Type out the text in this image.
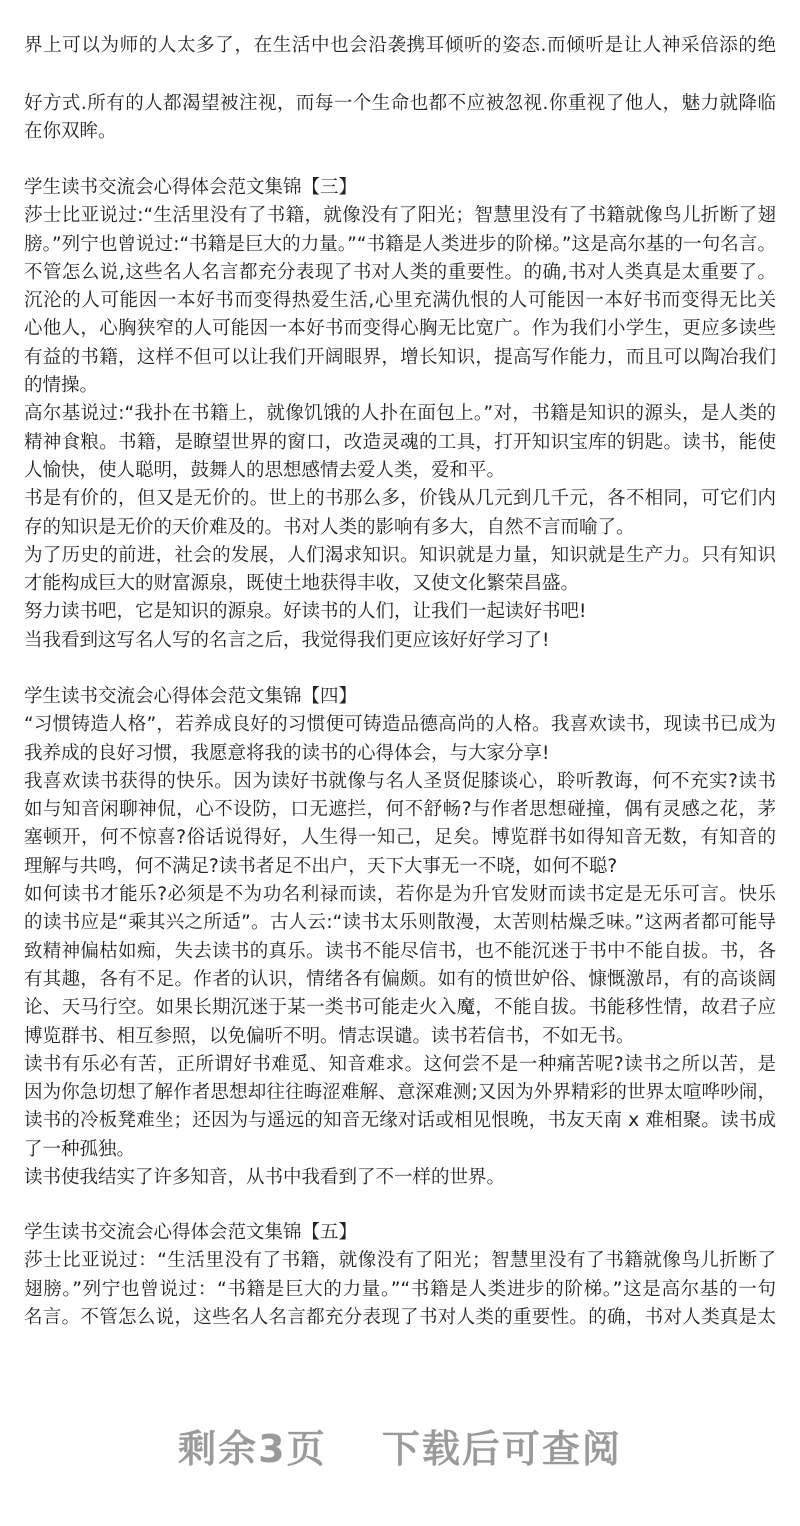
界上可以为师的人太多了，在生活中也会沿袭携耳倾听的姿态.而倾听是让人神采倍添的绝
好方式.所有的人都渴望被注视，而每一个生命也都不应被忽视.你重视了他人，魅力就降临
在你双眸。
学生读书交流会心得体会范文集锦【三】
莎士比亚说过:“生活里没有了书籍，就像没有了阳光；智慧里没有了书籍就像鸟儿折断了翅
膀。”列宁也曾说过:“书籍是巨大的力量。”“书籍是人类进步的阶梯。”这是高尔基的一句名言。
不管怎么说,这些名人名言都充分表现了书对人类的重要性。的确,书对人类真是太重要了。
沉沦的人可能因一本好书而变得热爱生活,心里充满仇恨的人可能因一本好书而变得无比关
心他人，心胸狭窄的人可能因一本好书而变得心胸无比宽广。作为我们小学生，更应多读些
有益的书籍，这样不但可以让我们开阔眼界，增长知识，提高写作能力，而且可以陶冶我们
的情操。
高尔基说过:“我扑在书籍上，就像饥饿的人扑在面包上。”对，书籍是知识的源头，是人类的
精神食粮。书籍，是瞭望世界的窗口，改造灵魂的工具，打开知识宝库的钥匙。读书，能使
人愉快，使人聪明，鼓舞人的思想感情去爱人类，爱和平。
书是有价的，但又是无价的。世上的书那么多，价钱从几元到几千元，各不相同，可它们内
存的知识是无价的天价难及的。书对人类的影响有多大，自然不言而喻了。
为了历史的前进，社会的发展，人们渴求知识。知识就是力量，知识就是生产力。只有知识
才能构成巨大的财富源泉，既使土地获得丰收，又使文化繁荣昌盛。
努力读书吧，它是知识的源泉。好读书的人们，让我们一起读好书吧!
当我看到这写名人写的名言之后，我觉得我们更应该好好学习了!
学生读书交流会心得体会范文集锦【四】
“习惯铸造人格”，若养成良好的习惯便可铸造品德高尚的人格。我喜欢读书，现读书已成为
我养成的良好习惯，我愿意将我的读书的心得体会，与大家分享!
我喜欢读书获得的快乐。因为读好书就像与名人圣贤促膝谈心，聆听教诲，何不充实?读书
如与知音闲聊神侃，心不设防，口无遮拦，何不舒畅?与作者思想碰撞，偶有灵感之花，茅
塞顿开，何不惊喜?俗话说得好，人生得一知己，足矣。博览群书如得知音无数，有知音的
理解与共鸣，何不满足?读书者足不出户，天下大事无一不晓，如何不聪?
如何读书才能乐?必须是不为功名利禄而读，若你是为升官发财而读书定是无乐可言。快乐
的读书应是“乘其兴之所适”。古人云:“读书太乐则散漫，太苦则枯燥乏味。”这两者都可能导
致精神偏枯如痴，失去读书的真乐。读书不能尽信书，也不能沉迷于书中不能自拔。书，各
有其趣，各有不足。作者的认识，情绪各有偏颇。如有的愤世妒俗、慷慨激昂，有的高谈阔
论、天马行空。如果长期沉迷于某一类书可能走火入魔，不能自拔。书能移性情，故君子应
博览群书、相互参照，以免偏听不明。情志误谴。读书若信书，不如无书。
读书有乐必有苦，正所谓好书难觅、知音难求。这何尝不是一种痛苦呢?读书之所以苦，是
因为你急切想了解作者思想却往往晦涩难解、意深难测;又因为外界精彩的世界太喧哗吵闹，
读书的冷板凳难坐；还因为与遥远的知音无缘对话或相见恨晚，书友天南 x 难相聚。读书成
了一种孤独。
读书使我结实了许多知音，从书中我看到了不一样的世界。
学生读书交流会心得体会范文集锦【五】
莎士比亚说过：“生活里没有了书籍，就像没有了阳光；智慧里没有了书籍就像鸟儿折断了
翅膀。”列宁也曾说过：“书籍是巨大的力量。”“书籍是人类进步的阶梯。”这是高尔基的一句
名言。不管怎么说，这些名人名言都充分表现了书对人类的重要性。的确，书对人类真是太
剩余3页 下载后可查阅
